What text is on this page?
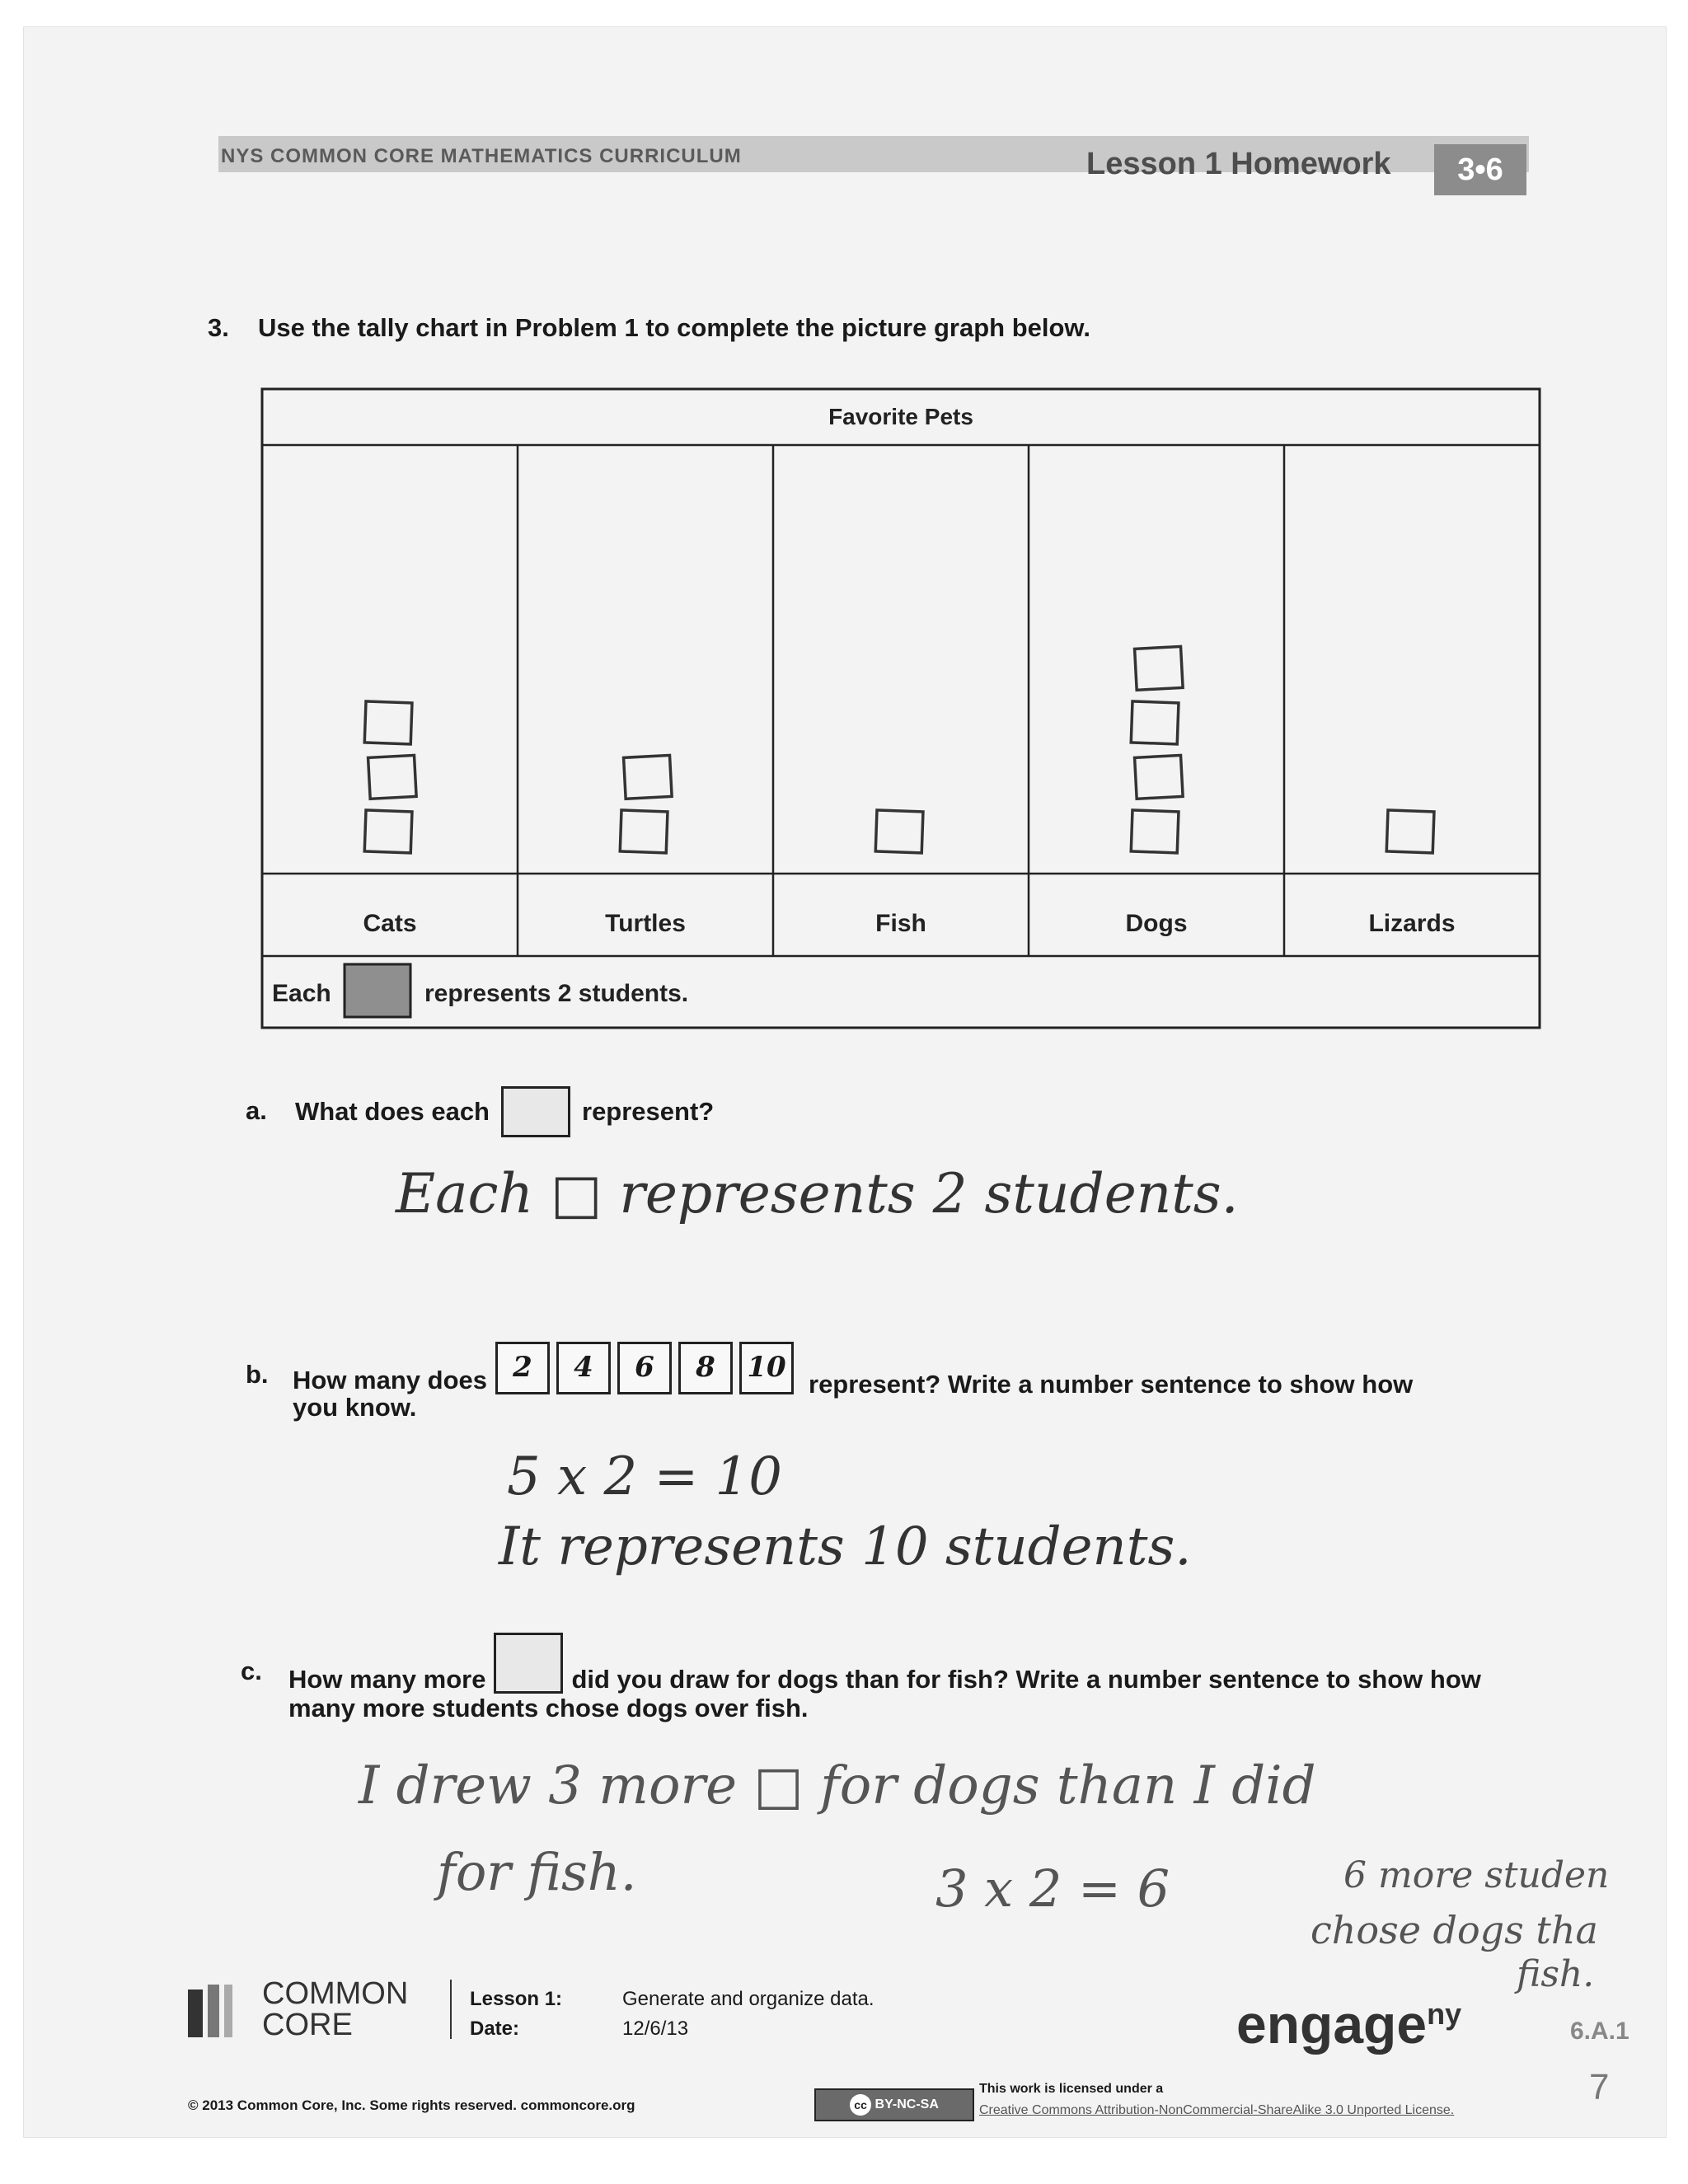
NYS COMMON CORE MATHEMATICS CURRICULUM	Lesson 1 Homework	3•6
3. Use the tally chart in Problem 1 to complete the picture graph below.
Favorite Pets
Cats	Turtles	Fish	Dogs	Lizards
Each	represents 2 students.
a. What does each	represent?
Each □ represents 2 students.
b. How many does 2	4	6	8	10
represent? Write a number sentence to show how
you know.
5 x 2 = 10
It represents 10 students.
c. How many more	did you draw for dogs than for fish? Write a number sentence to show how
many more students chose dogs over fish.
I drew 3 more □ for dogs than I did
for fish.	3 x 2 = 6	6 more studen
chose dogs tha
fish.
COMMON
CORE
Lesson 1:
Date:
Generate and organize data.
12/6/13	engage$^{ny}$
6.A.1
7
© 2013 Common Core, Inc. Some rights reserved. commoncore.org	cc BY-NC-SA
This work is licensed under a
Creative Commons Attribution-NonCommercial-ShareAlike 3.0 Unported License.
